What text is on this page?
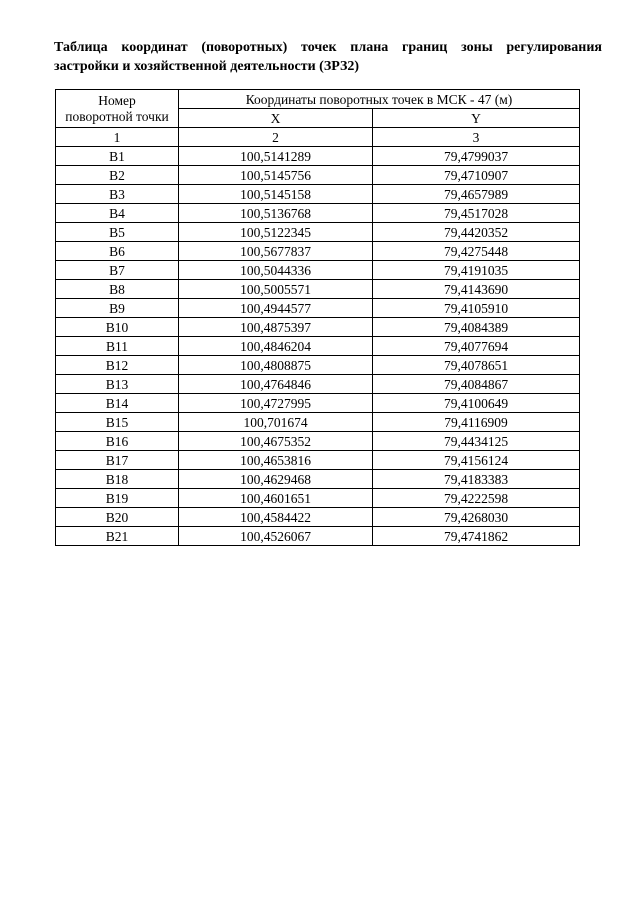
Таблица координат (поворотных) точек плана границ зоны регулирования
застройки и хозяйственной деятельности (ЗРЗ2)
Номер
поворотной точки	Координаты поворотных точек в МСК - 47 (м)	
	X	Y
1	2	3
В1	100,5141289	79,4799037
В2	100,5145756	79,4710907
В3	100,5145158	79,4657989
В4	100,5136768	79,4517028
В5	100,5122345	79,4420352
В6	100,5677837	79,4275448
В7	100,5044336	79,4191035
В8	100,5005571	79,4143690
В9	100,4944577	79,4105910
В10	100,4875397	79,4084389
В11	100,4846204	79,4077694
В12	100,4808875	79,4078651
В13	100,4764846	79,4084867
В14	100,4727995	79,4100649
В15	100,701674	79,4116909
В16	100,4675352	79,4434125
В17	100,4653816	79,4156124
В18	100,4629468	79,4183383
В19	100,4601651	79,4222598
В20	100,4584422	79,4268030
В21	100,4526067	79,4741862
